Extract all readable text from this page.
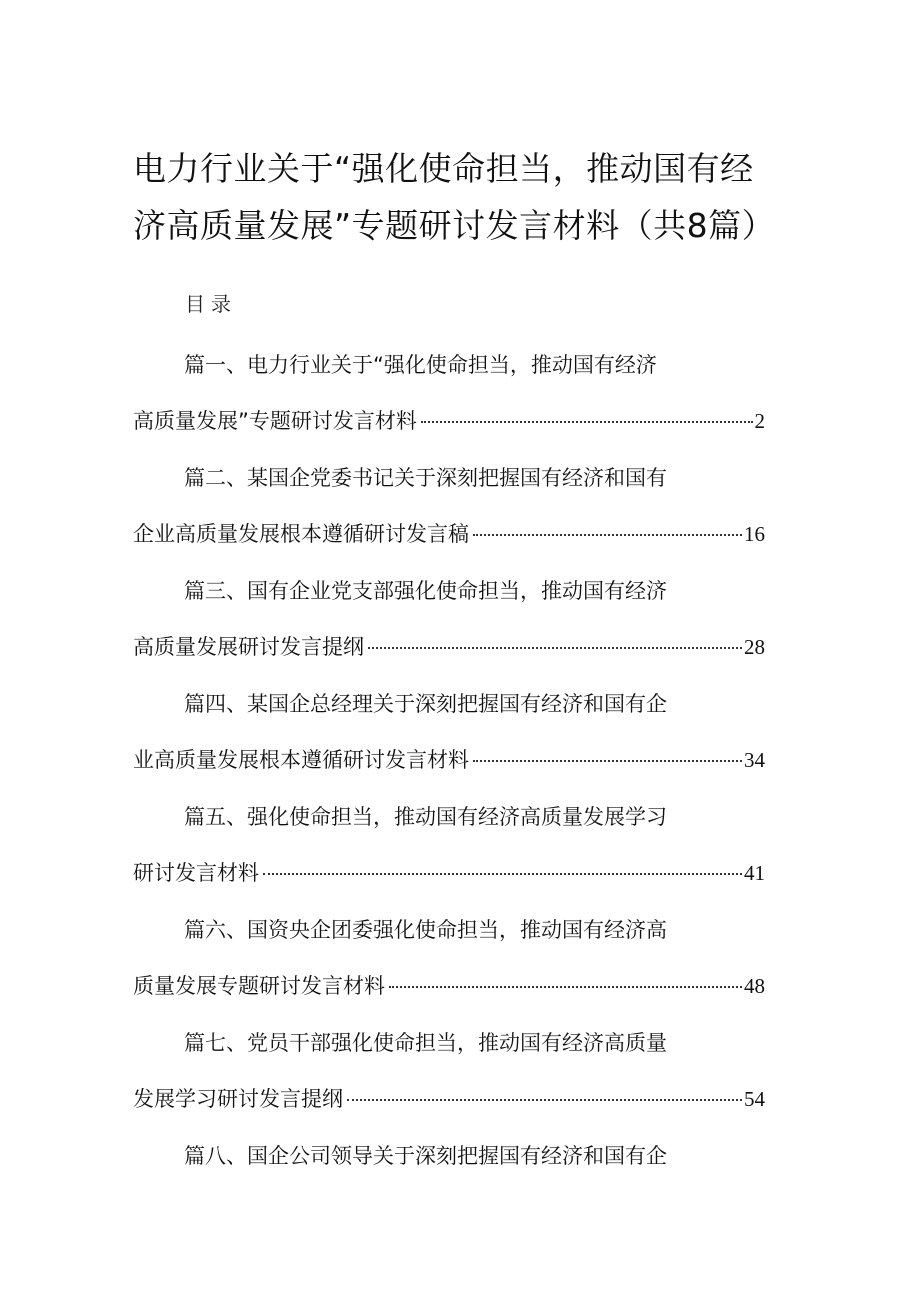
电力行业关于“强化使命担当，推动国有经
济高质量发展”专题研讨发言材料（共8篇）
目录
篇一、电力行业关于“强化使命担当，推动国有经济
高质量发展”专题研讨发言材料	2
篇二、某国企党委书记关于深刻把握国有经济和国有
企业高质量发展根本遵循研讨发言稿	16
篇三、国有企业党支部强化使命担当，推动国有经济
高质量发展研讨发言提纲	28
篇四、某国企总经理关于深刻把握国有经济和国有企
业高质量发展根本遵循研讨发言材料	34
篇五、强化使命担当，推动国有经济高质量发展学习
研讨发言材料	41
篇六、国资央企团委强化使命担当，推动国有经济高
质量发展专题研讨发言材料	48
篇七、党员干部强化使命担当，推动国有经济高质量
发展学习研讨发言提纲	54
篇八、国企公司领导关于深刻把握国有经济和国有企
